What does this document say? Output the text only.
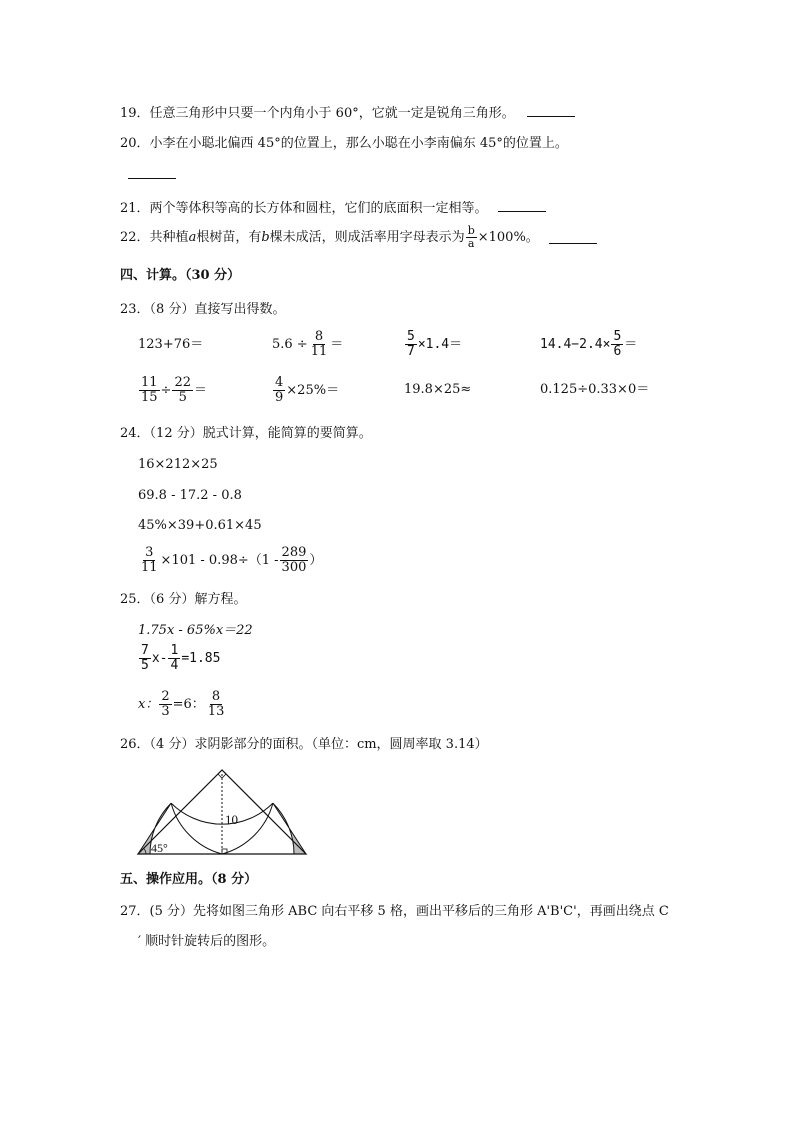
19．任意三角形中只要一个内角小于 60°，它就一定是锐角三角形。
20．小李在小聪北偏西 45°的位置上，那么小聪在小李南偏东 45°的位置上。
21．两个等体积等高的长方体和圆柱，它们的底面积一定相等。
22． 共种植 a 根树苗，有 b 棵未成活，则成活率用字母表示为 $\frac{b}{a} \times 100\%$。
四、计算。（30 分）
23．（8 分）直接写出得数。
123+76＝	$5.6 \div \frac{8}{11}$ ＝	$\frac{5}{7} \times 1.4=$	$14.4-2.4\times \frac{5}{6}$ ＝
$\frac{11}{15} \div \frac{22}{5}$ ＝	$\frac{4}{9} \times 25\%=$	19.8×25≈	0.125÷0.33×0＝
24．（12 分）脱式计算，能简算的要简算。
16×212×25
69.8 - 17.2 - 0.8
45%×39+0.61×45
$\frac{3}{11} \times 101 - 0.98\div(1 - \frac{289}{300}$ ）
25．（6 分）解方程。
1.75x - 65%x＝22
$\frac{7}{5} x- \frac{1}{4} =1.85$
x： $\frac{2}{3} =6$： $\frac{8}{13}$
26．（4 分）求阴影部分的面积。（单位：cm，圆周率取 3.14）
10
45°
五、操作应用。（8 分）
27．(5 分）先将如图三角形 ABC 向右平移 5 格，画出平移后的三角形 A'B'C'，再画出绕点 C
′ 顺时针旋转后的图形。
